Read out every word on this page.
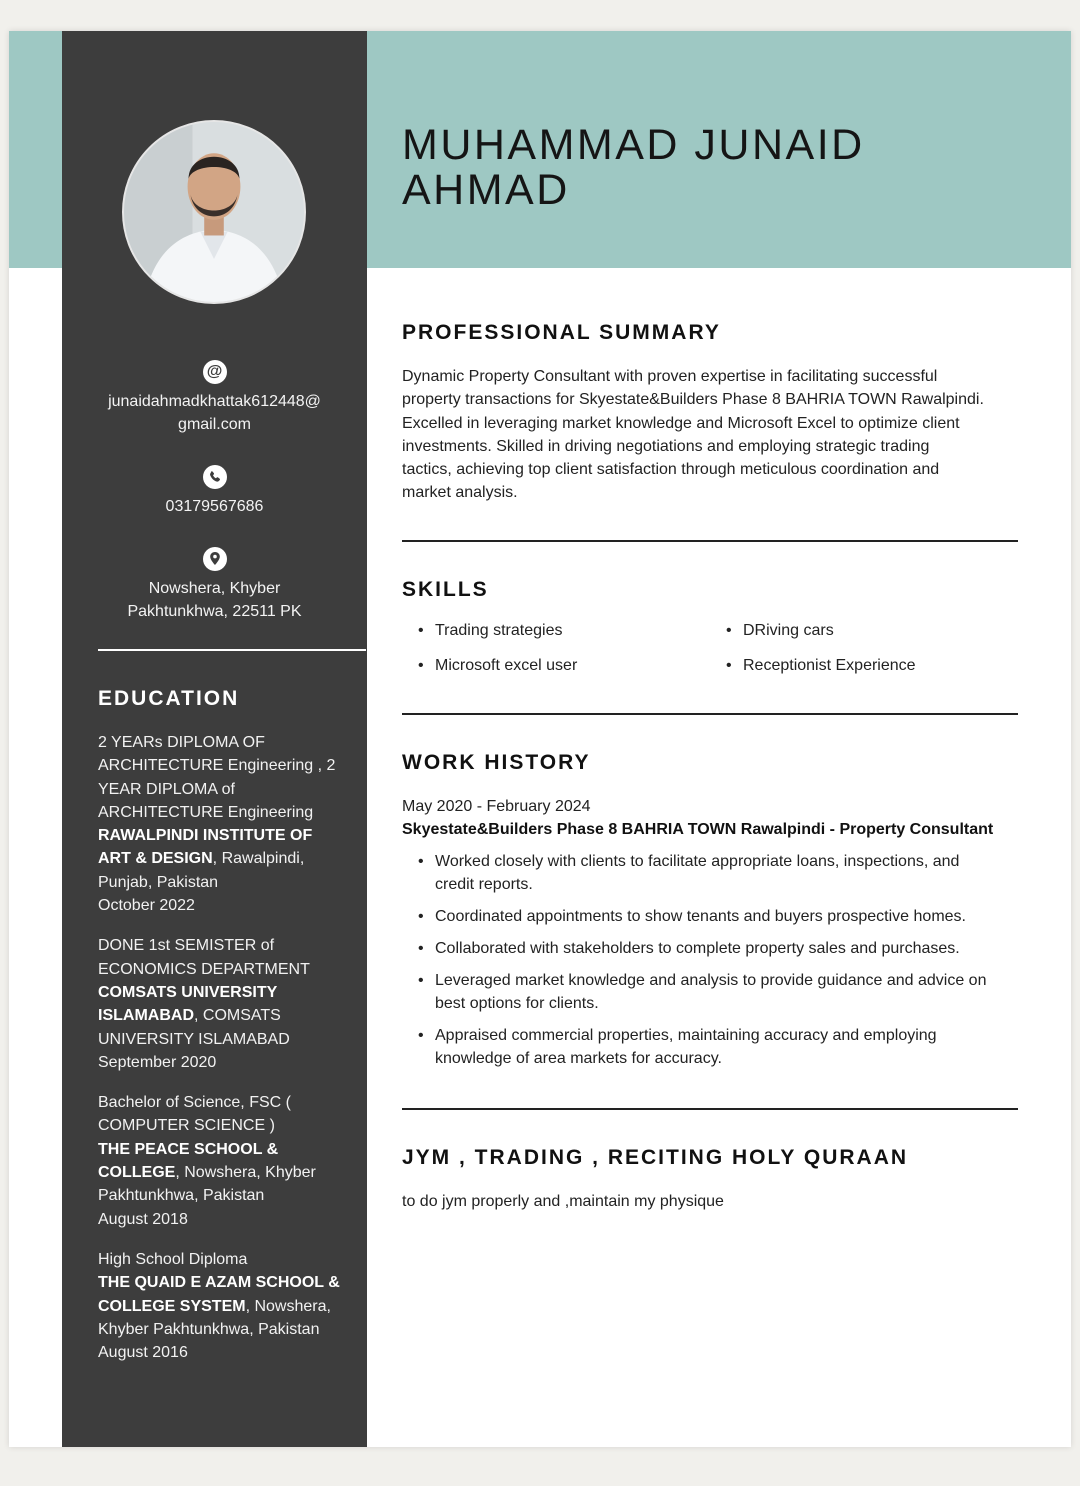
@
junaidahmadkhattak612448@
gmail.com
03179567686
Nowshera, Khyber
Pakhtunkhwa, 22511 PK
EDUCATION
2 YEARs DIPLOMA OF
ARCHITECTURE Engineering , 2
YEAR DIPLOMA of
ARCHITECTURE Engineering
RAWALPINDI INSTITUTE OF
ART & DESIGN, Rawalpindi,
Punjab, Pakistan
October 2022
DONE 1st SEMISTER of
ECONOMICS DEPARTMENT
COMSATS UNIVERSITY
ISLAMABAD, COMSATS
UNIVERSITY ISLAMABAD
September 2020
Bachelor of Science, FSC (
COMPUTER SCIENCE )
THE PEACE SCHOOL &
COLLEGE, Nowshera, Khyber
Pakhtunkhwa, Pakistan
August 2018
High School Diploma
THE QUAID E AZAM SCHOOL &
COLLEGE SYSTEM, Nowshera,
Khyber Pakhtunkhwa, Pakistan
August 2016
MUHAMMAD JUNAID
AHMAD
PROFESSIONAL SUMMARY
Dynamic Property Consultant with proven expertise in facilitating successful
property transactions for Skyestate&Builders Phase 8 BAHRIA TOWN Rawalpindi.
Excelled in leveraging market knowledge and Microsoft Excel to optimize client
investments. Skilled in driving negotiations and employing strategic trading
tactics, achieving top client satisfaction through meticulous coordination and
market analysis.
SKILLS
• Trading strategies	• DRiving cars
• Microsoft excel user	• Receptionist Experience
WORK HISTORY
May 2020 - February 2024
Skyestate&Builders Phase 8 BAHRIA TOWN Rawalpindi - Property Consultant
• Worked closely with clients to facilitate appropriate loans, inspections, and
credit reports.
• Coordinated appointments to show tenants and buyers prospective homes.
• Collaborated with stakeholders to complete property sales and purchases.
• Leveraged market knowledge and analysis to provide guidance and advice on
best options for clients.
• Appraised commercial properties, maintaining accuracy and employing
knowledge of area markets for accuracy.
JYM , TRADING , RECITING HOLY QURAAN
to do jym properly and ,maintain my physique
